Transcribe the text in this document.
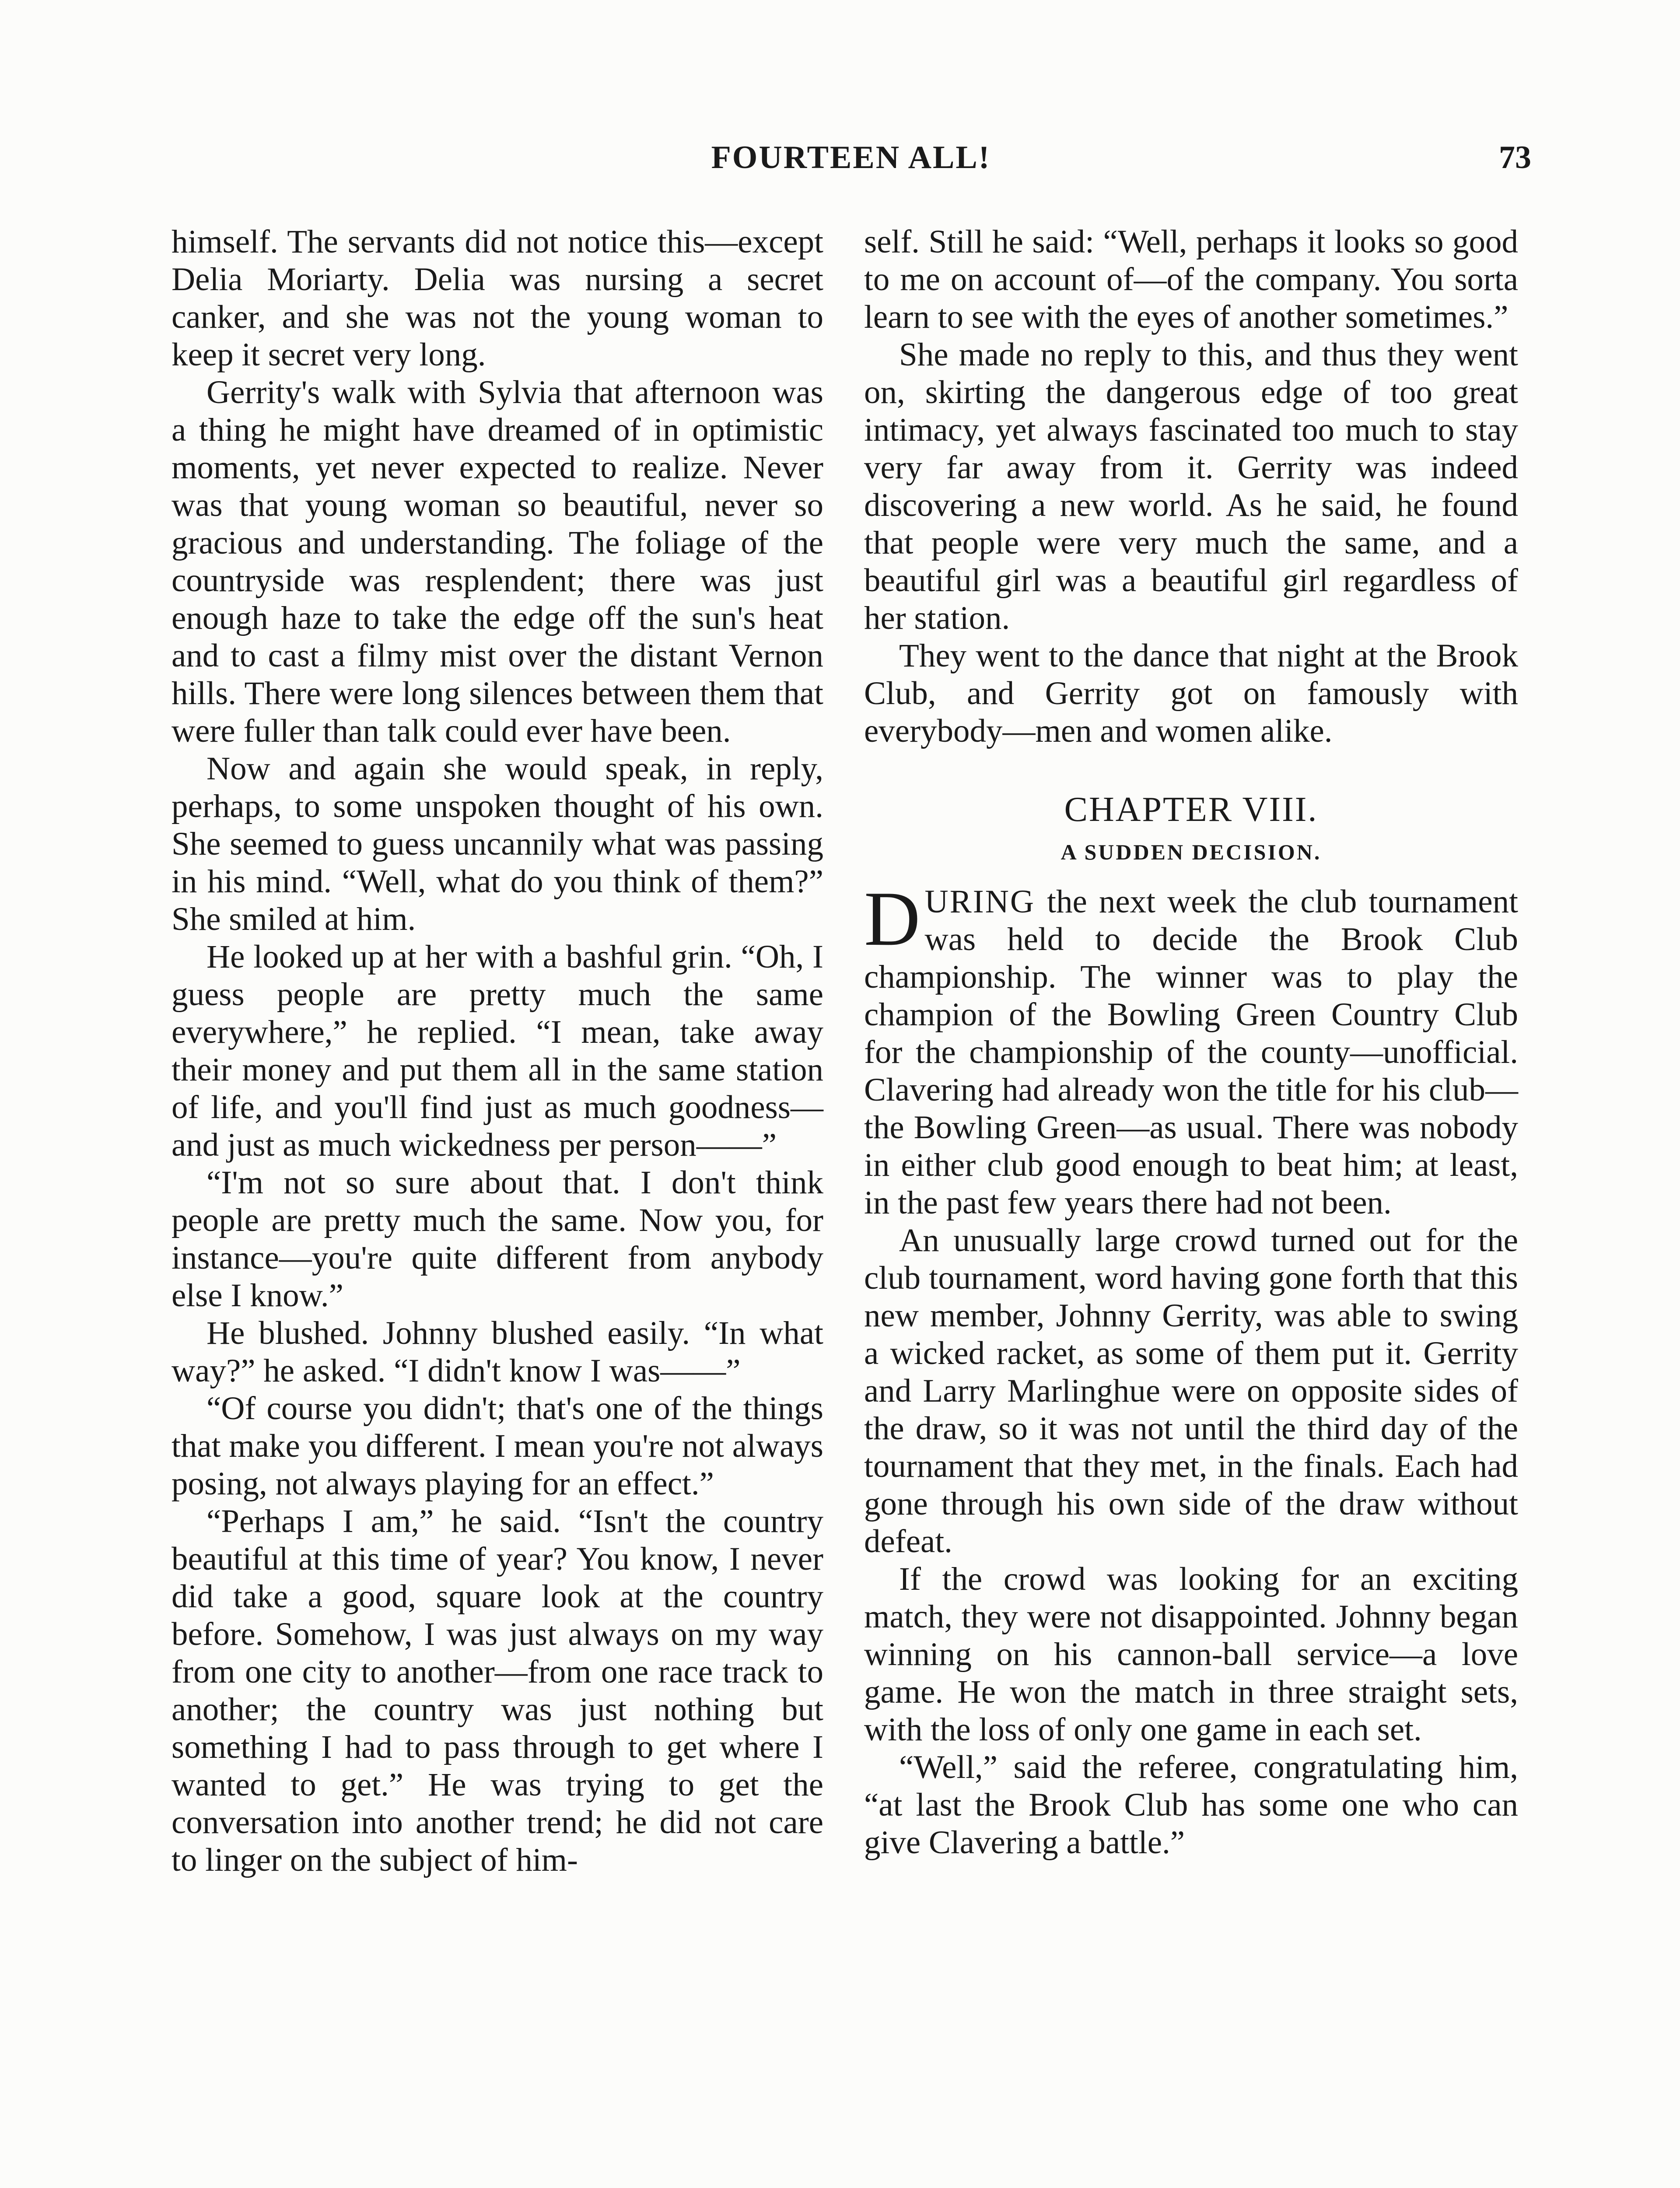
FOURTEEN ALL!	73

himself. The servants did not notice this—except Delia Moriarty. Delia was nursing a secret canker, and she was not the young woman to keep it secret very long.

Gerrity's walk with Sylvia that afternoon was a thing he might have dreamed of in optimistic moments, yet never expected to realize. Never was that young woman so beautiful, never so gracious and understanding. The foliage of the countryside was resplendent; there was just enough haze to take the edge off the sun's heat and to cast a filmy mist over the distant Vernon hills. There were long silences between them that were fuller than talk could ever have been.

Now and again she would speak, in reply, perhaps, to some unspoken thought of his own. She seemed to guess uncannily what was passing in his mind. “Well, what do you think of them?” She smiled at him.

He looked up at her with a bashful grin. “Oh, I guess people are pretty much the same everywhere,” he replied. “I mean, take away their money and put them all in the same station of life, and you'll find just as much goodness—and just as much wickedness per person——”

“I'm not so sure about that. I don't think people are pretty much the same. Now you, for instance—you're quite different from anybody else I know.”

He blushed. Johnny blushed easily. “In what way?” he asked. “I didn't know I was——”

“Of course you didn't; that's one of the things that make you different. I mean you're not always posing, not always playing for an effect.”

“Perhaps I am,” he said. “Isn't the country beautiful at this time of year? You know, I never did take a good, square look at the country before. Somehow, I was just always on my way from one city to another—from one race track to another; the country was just nothing but something I had to pass through to get where I wanted to get.” He was trying to get the conversation into another trend; he did not care to linger on the subject of him-

self. Still he said: “Well, perhaps it looks so good to me on account of—of the company. You sorta learn to see with the eyes of another sometimes.”

She made no reply to this, and thus they went on, skirting the dangerous edge of too great intimacy, yet always fascinated too much to stay very far away from it. Gerrity was indeed discovering a new world. As he said, he found that people were very much the same, and a beautiful girl was a beautiful girl regardless of her station.

They went to the dance that night at the Brook Club, and Gerrity got on famously with everybody—men and women alike.

CHAPTER VIII.
A SUDDEN DECISION.

DURING the next week the club tournament was held to decide the Brook Club championship. The winner was to play the champion of the Bowling Green Country Club for the championship of the county—unofficial. Clavering had already won the title for his club—the Bowling Green—as usual. There was nobody in either club good enough to beat him; at least, in the past few years there had not been.

An unusually large crowd turned out for the club tournament, word having gone forth that this new member, Johnny Gerrity, was able to swing a wicked racket, as some of them put it. Gerrity and Larry Marlinghue were on opposite sides of the draw, so it was not until the third day of the tournament that they met, in the finals. Each had gone through his own side of the draw without defeat.

If the crowd was looking for an exciting match, they were not disappointed. Johnny began winning on his cannon-ball service—a love game. He won the match in three straight sets, with the loss of only one game in each set.

“Well,” said the referee, congratulating him, “at last the Brook Club has some one who can give Clavering a battle.”
